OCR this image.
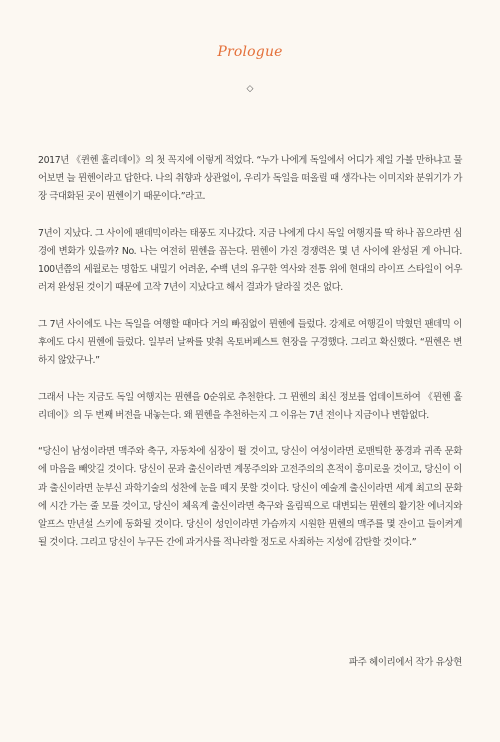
Prologue
◇

2017년 《퀸헨 홀리데이》의 첫 꼭지에 이렇게 적었다. “누가 나에게 독일에서 어디가 제일 가볼 만하냐고 물어보면 늘 뮌헨이라고 답한다. 나의 취향과 상관없이, 우리가 독일을 떠올릴 때 생각나는 이미지와 분위기가 가장 극대화된 곳이 뮌헨이기 때문이다.”라고.

7년이 지났다. 그 사이에 팬데믹이라는 태풍도 지나갔다. 지금 나에게 다시 독일 여행지를 딱 하나 꼽으라면 심경에 변화가 있을까? No. 나는 여전히 뮌헨을 꼽는다. 뮌헨이 가진 경쟁력은 몇 년 사이에 완성된 게 아니다. 100년쯤의 세월로는 명함도 내밀기 어려운, 수백 년의 유구한 역사와 전통 위에 현대의 라이프 스타일이 어우러져 완성된 것이기 때문에 고작 7년이 지났다고 해서 결과가 달라질 것은 없다.

그 7년 사이에도 나는 독일을 여행할 때마다 거의 빠짐없이 뮌헨에 들렀다. 강제로 여행길이 막혔던 팬데믹 이후에도 다시 뮌헨에 들렀다. 일부러 날짜를 맞춰 옥토버페스트 현장을 구경했다. 그리고 확신했다. “뮌헨은 변하지 않았구나.”

그래서 나는 지금도 독일 여행지는 뮌헨을 0순위로 추천한다. 그 뮌헨의 최신 정보를 업데이트하여 《뮌헨 홀리데이》의 두 번째 버전을 내놓는다. 왜 뮌헨을 추천하는지 그 이유는 7년 전이나 지금이나 변함없다.

“당신이 남성이라면 맥주와 축구, 자동차에 심장이 뛸 것이고, 당신이 여성이라면 로맨틱한 풍경과 귀족 문화에 마음을 빼앗길 것이다. 당신이 문과 출신이라면 계몽주의와 고전주의의 흔적이 흥미로울 것이고, 당신이 이과 출신이라면 눈부신 과학기술의 성찬에 눈을 떼지 못할 것이다. 당신이 예술계 출신이라면 세계 최고의 문화에 시간 가는 줄 모를 것이고, 당신이 체육계 출신이라면 축구와 올림픽으로 대변되는 뮌헨의 활기찬 에너지와 알프스 만년설 스키에 동화될 것이다. 당신이 성인이라면 가슴까지 시원한 뮌헨의 맥주를 몇 잔이고 들이켜게 될 것이다. 그리고 당신이 누구든 간에 과거사를 적나라할 정도로 사죄하는 지성에 감탄할 것이다.”

파주 헤이리에서 작가 유상현
